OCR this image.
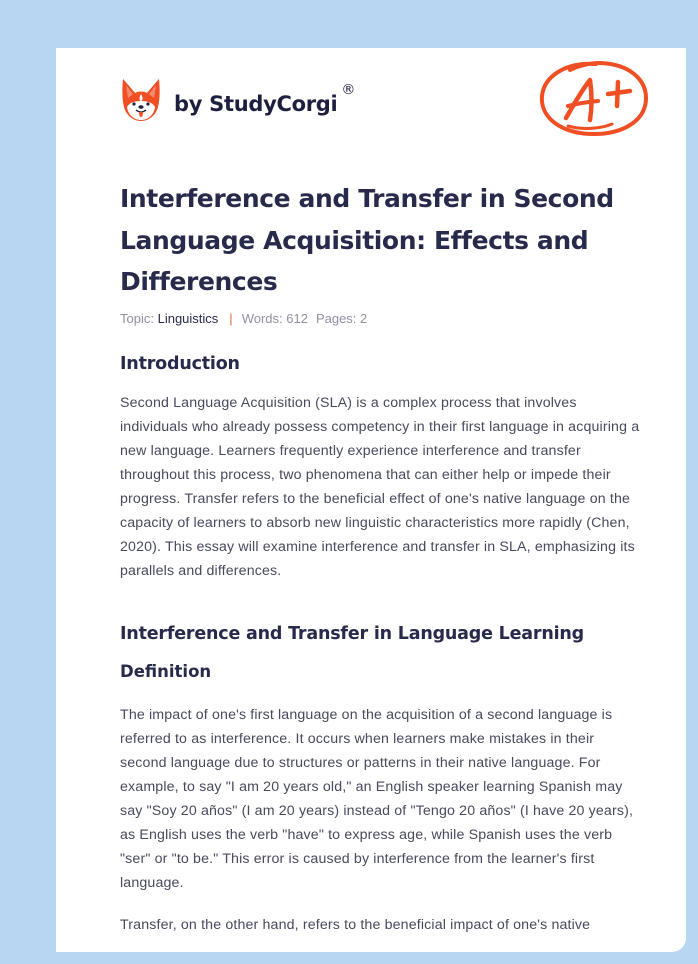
by StudyCorgi
®
Interference and Transfer in Second Language Acquisition: Effects and Differences
Topic: Linguistics | Words: 612 Pages: 2
Introduction

Second Language Acquisition (SLA) is a complex process that involves individuals who already possess competency in their first language in acquiring a new language. Learners frequently experience interference and transfer throughout this process, two phenomena that can either help or impede their progress. Transfer refers to the beneficial effect of one's native language on the capacity of learners to absorb new linguistic characteristics more rapidly (Chen, 2020). This essay will examine interference and transfer in SLA, emphasizing its parallels and differences.

Interference and Transfer in Language Learning
Definition

The impact of one's first language on the acquisition of a second language is referred to as interference. It occurs when learners make mistakes in their second language due to structures or patterns in their native language. For example, to say "I am 20 years old," an English speaker learning Spanish may say "Soy 20 años" (I am 20 years) instead of "Tengo 20 años" (I have 20 years), as English uses the verb "have" to express age, while Spanish uses the verb "ser" or "to be." This error is caused by interference from the learner's first language.

Transfer, on the other hand, refers to the beneficial impact of one's native
